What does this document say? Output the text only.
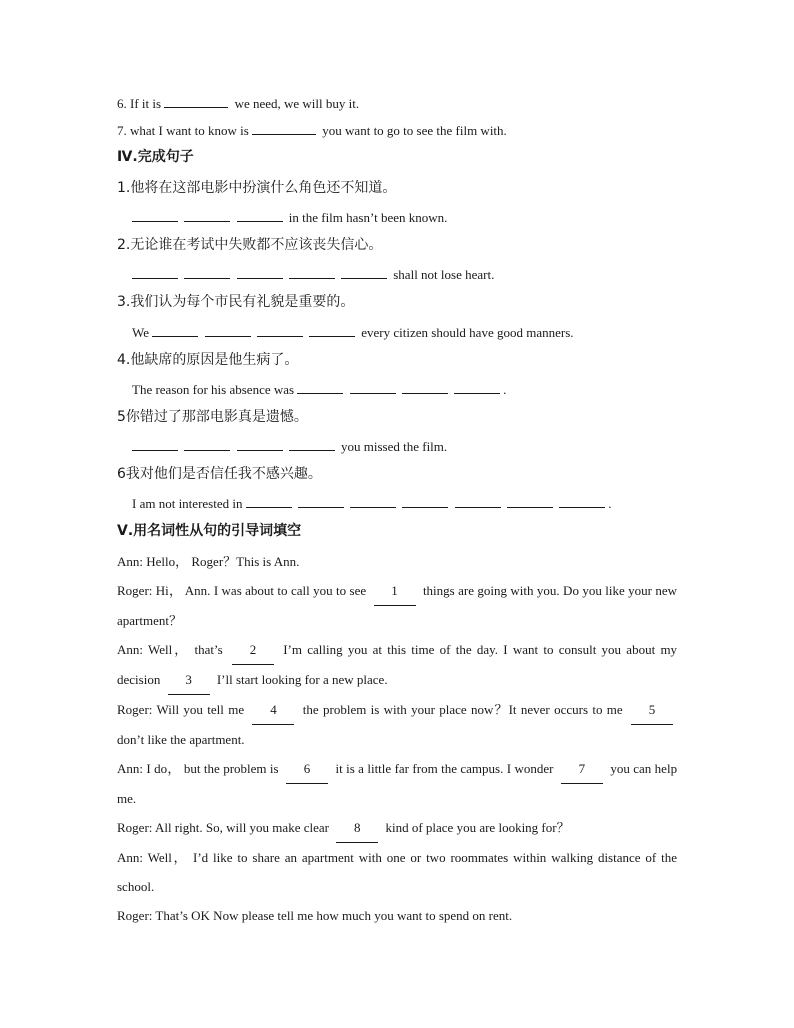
6. If it is	we need, we will buy it.
7. what I want to know is	you want to go to see the film with.
Ⅳ.完成句子
1.他将在这部电影中扮演什么角色还不知道。
in the film hasn’t been known.
2.无论谁在考试中失败都不应该丧失信心。
shall not lose heart.
3.我们认为每个市民有礼貌是重要的。
We	every citizen should have good manners.
4.他缺席的原因是他生病了。
The reason for his absence was	.
5你错过了那部电影真是遗憾。
you missed the film.
6我对他们是否信任我不感兴趣。
I am not interested in	.
Ⅴ.用名词性从句的引导词填空
Ann: Hello， Roger？This is Ann.
Roger: Hi， Ann. I was about to call you to see 1 things are going with you. Do you like your new apartment？
Ann: Well， that’s 2 I’m calling you at this time of the day. I want to consult you about my decision 3 I’ll start looking for a new place.
Roger: Will you tell me 4 the problem is with your place now？It never occurs to me 5 don’t like the apartment.
Ann: I do， but the problem is 6 it is a little far from the campus. I wonder 7 you can help me.
Roger: All right. So, will you make clear 8 kind of place you are looking for？
Ann: Well， I’d like to share an apartment with one or two roommates within walking distance of the school.
Roger: That’s OK Now please tell me how much you want to spend on rent.
